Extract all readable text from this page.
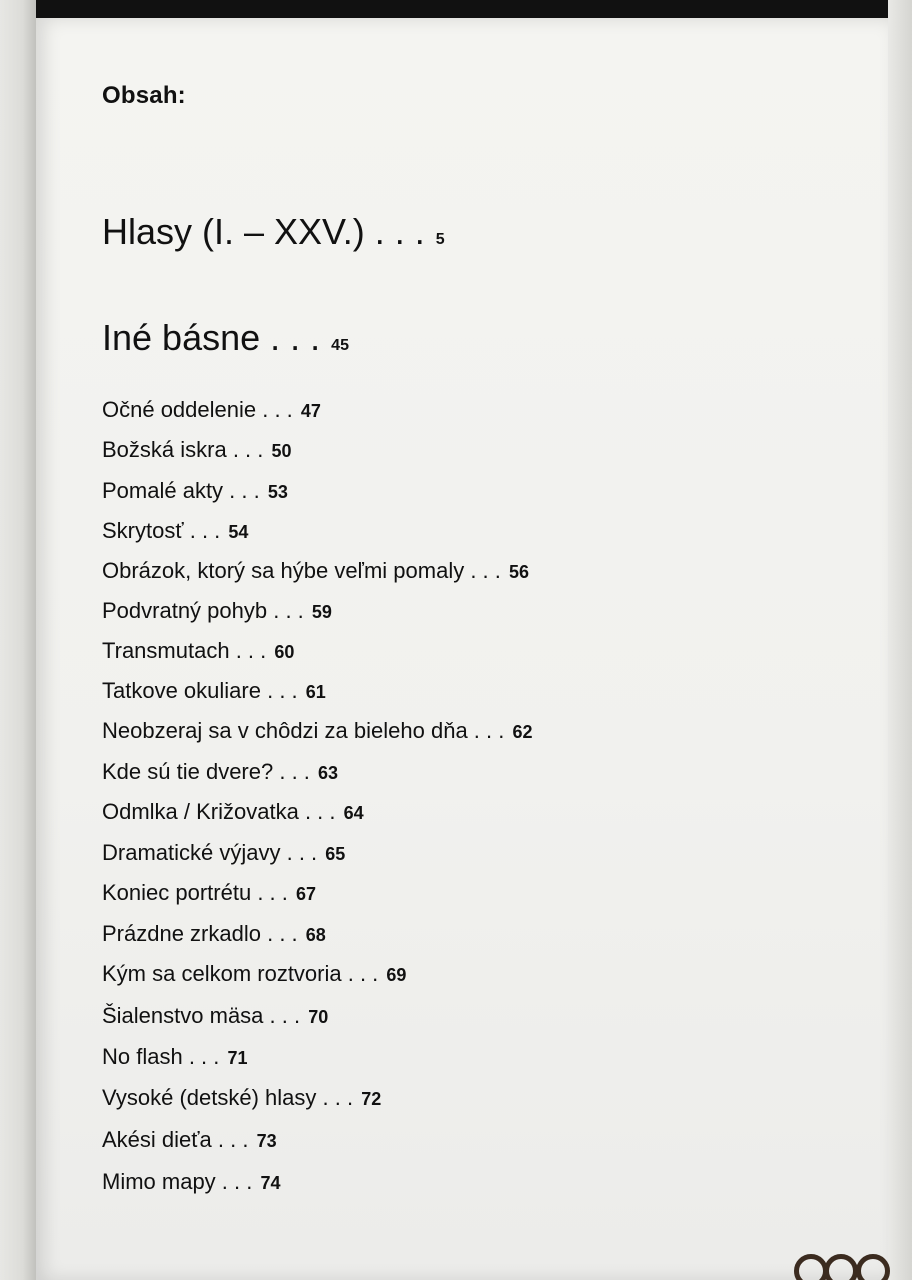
Obsah:
Hlasy (I. – XXV.) . . . 5
Iné básne . . . 45
Očné oddelenie . . . 47
Božská iskra . . . 50
Pomalé akty . . . 53
Skrytosť . . . 54
Obrázok, ktorý sa hýbe veľmi pomaly . . . 56
Podvratný pohyb . . . 59
Transmutach . . . 60
Tatkove okuliare . . . 61
Neobzeraj sa v chôdzi za bieleho dňa . . . 62
Kde sú tie dvere? . . . 63
Odmlka / Križovatka . . . 64
Dramatické výjavy . . . 65
Koniec portrétu . . . 67
Prázdne zrkadlo . . . 68
Kým sa celkom roztvoria . . . 69
Šialenstvo mäsa . . . 70
No flash . . . 71
Vysoké (detské) hlasy . . . 72
Akési dieťa . . . 73
Mimo mapy . . . 74
